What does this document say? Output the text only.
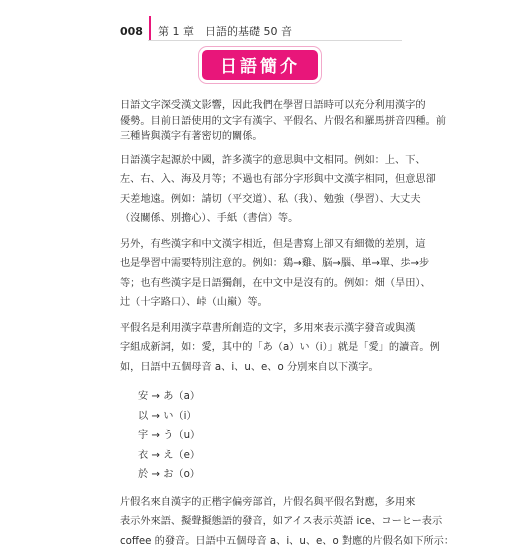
008 第 1 章　日語的基礎 50 音
日語簡介

日語文字深受漢文影響，因此我們在學習日語時可以充分利用漢字的
優勢。目前日語使用的文字有漢字、平假名、片假名和羅馬拼音四種。前
三種皆與漢字有著密切的關係。

日語漢字起源於中國，許多漢字的意思與中文相同。例如：上、下、
左、右、入、海及月等；不過也有部分字形與中文漢字相同，但意思卻
天差地遠。例如：請切（平交道）、私（我）、勉強（學習）、大丈夫
（沒關係、別擔心）、手紙（書信）等。

另外，有些漢字和中文漢字相近，但是書寫上卻又有細微的差別，這
也是學習中需要特別注意的。例如：鶏→雞、脳→腦、単→單、歩→步
等；也有些漢字是日語獨創，在中文中是沒有的。例如：畑（旱田）、
辻（十字路口）、峠（山巔）等。

平假名是利用漢字草書所創造的文字，多用來表示漢字發音或與漢
字組成新詞，如：愛，其中的「あ（a）い（i）」就是「愛」的讀音。例
如，日語中五個母音 a、i、u、e、o 分別來自以下漢字。

安 → あ（a）
以 → い（i）
宇 → う（u）
衣 → え（e）
於 → お（o）

片假名來自漢字的正楷字偏旁部首，片假名與平假名對應，多用來
表示外來語、擬聲擬態語的發音，如アイス表示英語 ice、コーヒー表示
coffee 的發音。日語中五個母音 a、i、u、e、o 對應的片假名如下所示：
